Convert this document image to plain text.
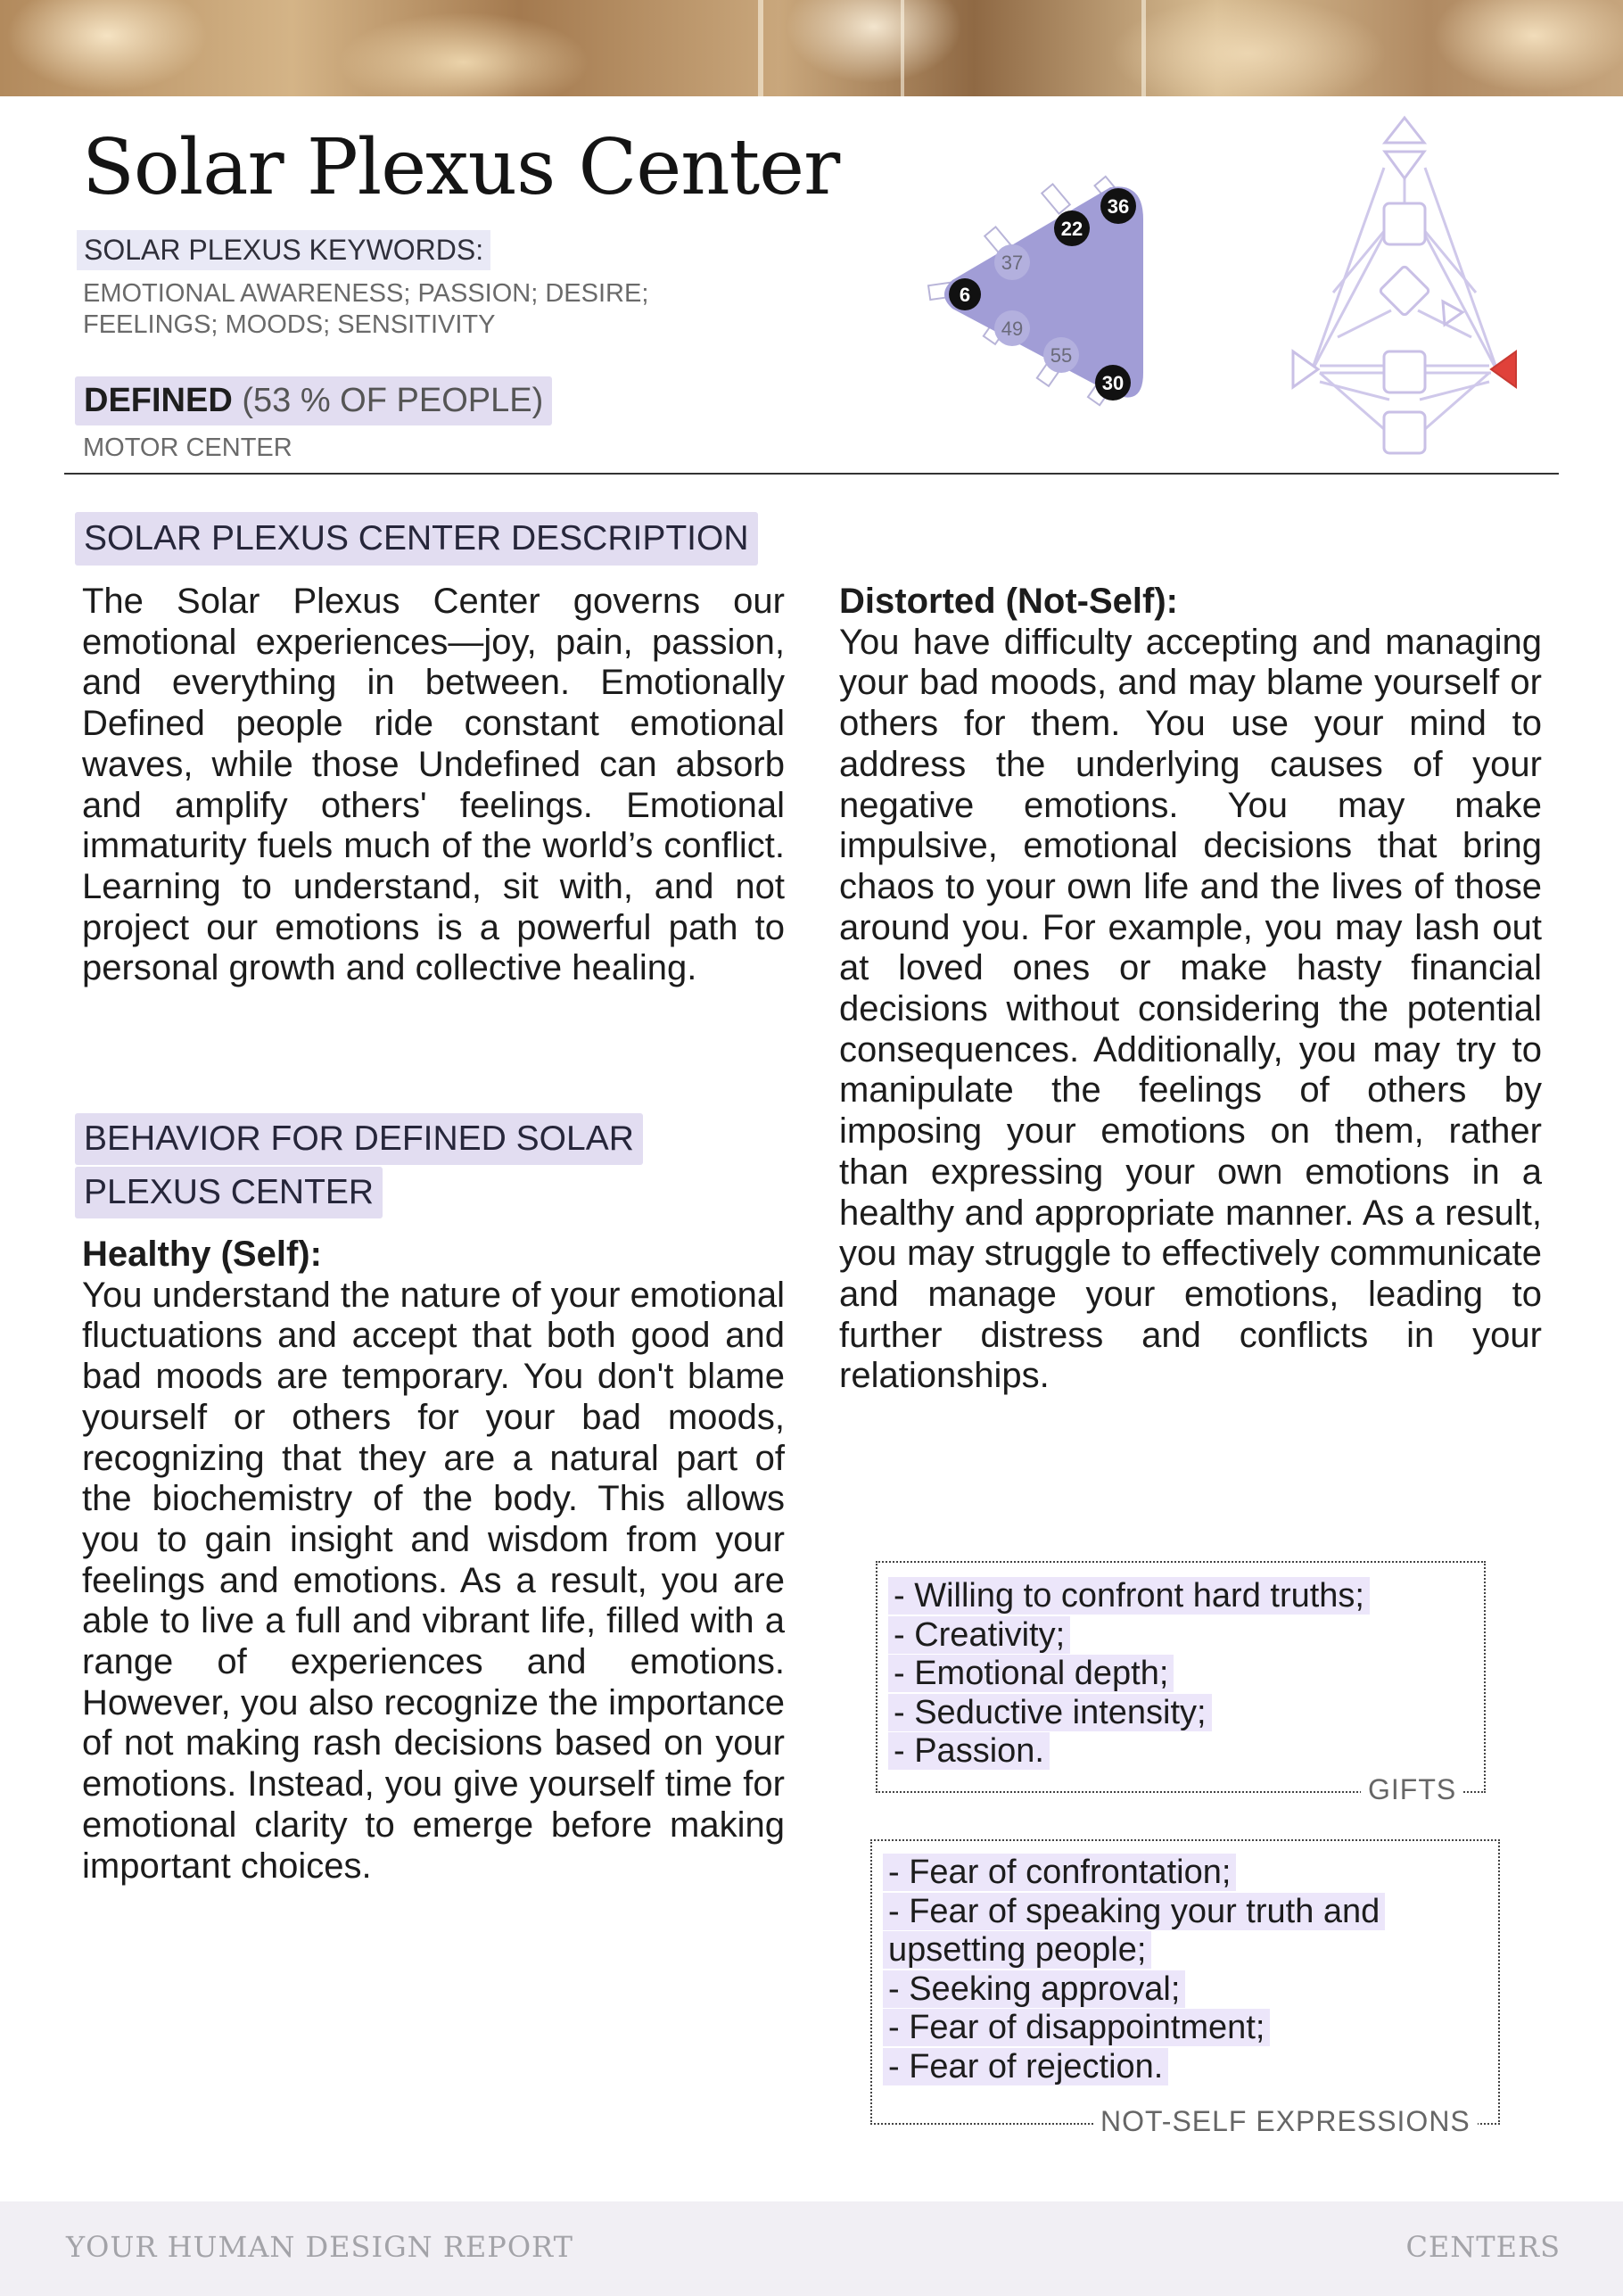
Solar Plexus Center
SOLAR PLEXUS KEYWORDS:
EMOTIONAL AWARENESS; PASSION; DESIRE;
FEELINGS; MOODS; SENSITIVITY
DEFINED (53 % OF PEOPLE)
MOTOR CENTER
36
22
37
6
49
55
30
SOLAR PLEXUS CENTER DESCRIPTION
The Solar Plexus Center governs our emotional experiences—joy, pain, passion, and everything in between. Emotionally Defined people ride constant emotional waves, while those Undefined can absorb and amplify others' feelings. Emotional immaturity fuels much of the world’s conflict. Learning to understand, sit with, and not project our emotions is a powerful path to personal growth and collective healing.
BEHAVIOR FOR DEFINED SOLAR
PLEXUS CENTER
Healthy (Self):
You understand the nature of your emotional fluctuations and accept that both good and bad moods are temporary. You don't blame yourself or others for your bad moods, recognizing that they are a natural part of the biochemistry of the body. This allows you to gain insight and wisdom from your feelings and emotions. As a result, you are able to live a full and vibrant life, filled with a range of experiences and emotions. However, you also recognize the importance of not making rash decisions based on your emotions. Instead, you give yourself time for emotional clarity to emerge before making important choices.
Distorted (Not-Self):
You have difficulty accepting and managing your bad moods, and may blame yourself or others for them. You use your mind to address the underlying causes of your negative emotions. You may make impulsive, emotional decisions that bring chaos to your own life and the lives of those around you. For example, you may lash out at loved ones or make hasty financial decisions without considering the potential consequences. Additionally, you may try to manipulate the feelings of others by imposing your emotions on them, rather than expressing your own emotions in a healthy and appropriate manner. As a result, you may struggle to effectively communicate and manage your emotions, leading to further distress and conflicts in your relationships.
- Willing to confront hard truths;
- Creativity;
- Emotional depth;
- Seductive intensity;
- Passion.
GIFTS
- Fear of confrontation;
- Fear of speaking your truth and
upsetting people;
- Seeking approval;
- Fear of disappointment;
- Fear of rejection.
NOT-SELF EXPRESSIONS
YOUR HUMAN DESIGN REPORT	CENTERS
